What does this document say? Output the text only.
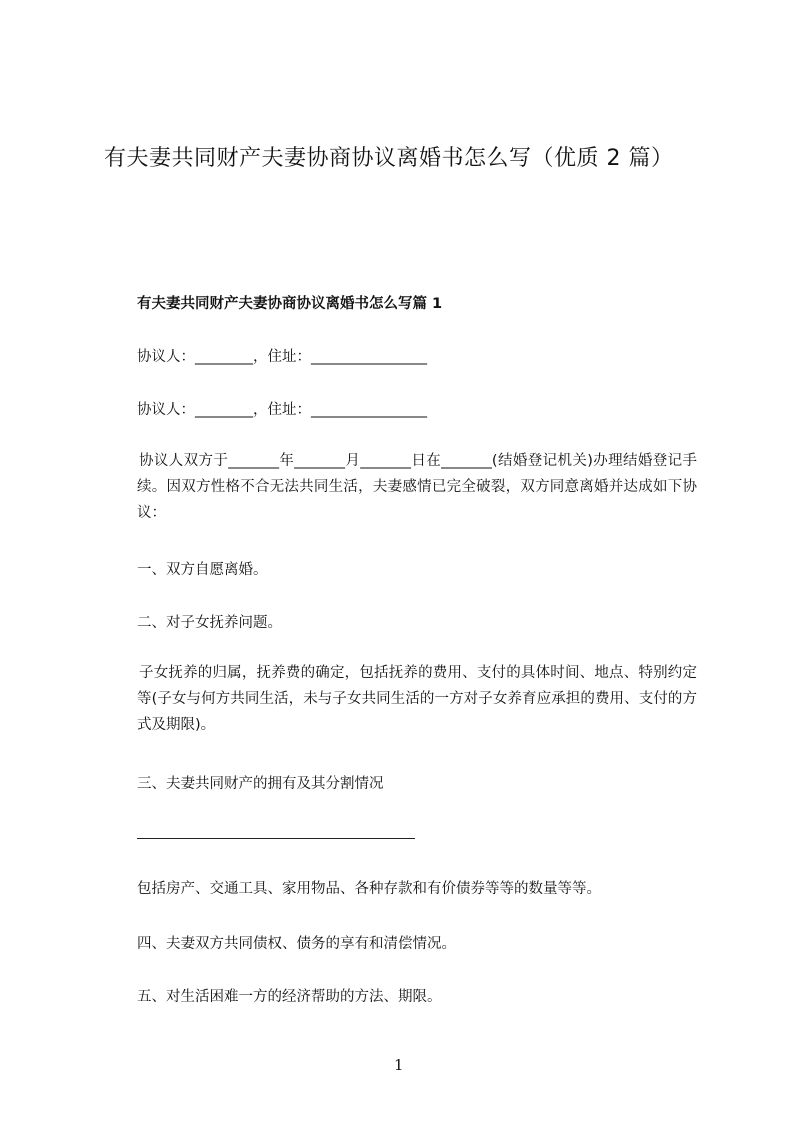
有夫妻共同财产夫妻协商协议离婚书怎么写（优质 2 篇）
有夫妻共同财产夫妻协商协议离婚书怎么写篇 1
协议人：________，住址：________________
协议人：________，住址：________________

协议人双方于_______年_______月_______日在_______(结婚登记机关)办理结婚登记手续。因双方性格不合无法共同生活，夫妻感情已完全破裂，双方同意离婚并达成如下协议：

一、双方自愿离婚。
二、对子女抚养问题。

子女抚养的归属，抚养费的确定，包括抚养的费用、支付的具体时间、地点、特别约定等(子女与何方共同生活，未与子女共同生活的一方对子女养育应承担的费用、支付的方式及期限)。

三、夫妻共同财产的拥有及其分割情况
包括房产、交通工具、家用物品、各种存款和有价债券等等的数量等等。
四、夫妻双方共同债权、债务的享有和清偿情况。
五、对生活困难一方的经济帮助的方法、期限。
1
